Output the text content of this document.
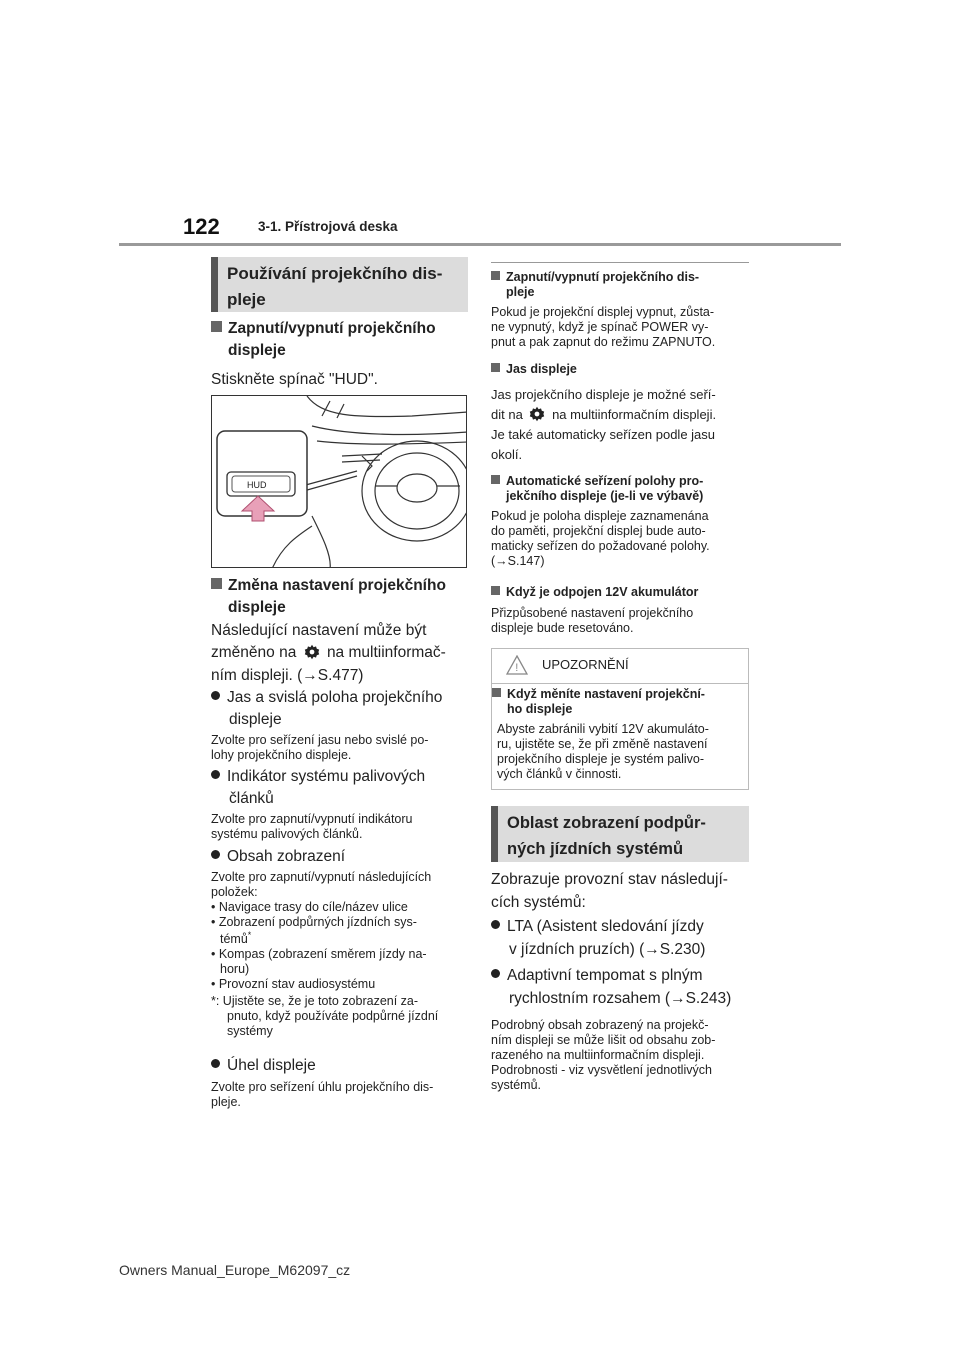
122	3-1. Přístrojová deska
Používání projekčního dis-
pleje
Zapnutí/vypnutí projekčního
displeje
Stiskněte spínač "HUD".
HUD
Změna nastavení projekčního
displeje
Následující nastavení může být
změněno na na multiinformač-
ním displeji. (→S.477)
Jas a svislá poloha projekčního
displeje
Zvolte pro seřízení jasu nebo svislé po-
lohy projekčního displeje.
Indikátor systému palivových
článků
Zvolte pro zapnutí/vypnutí indikátoru
systému palivových článků.
Obsah zobrazení
Zvolte pro zapnutí/vypnutí následujících
položek:
• Navigace trasy do cíle/název ulice
• Zobrazení podpůrných jízdních sys-
témů*
• Kompas (zobrazení směrem jízdy na-
horu)
• Provozní stav audiosystému
*: Ujistěte se, že je toto zobrazení za-
pnuto, když používáte podpůrné jízdní
systémy
Úhel displeje
Zvolte pro seřízení úhlu projekčního dis-
pleje.
Zapnutí/vypnutí projekčního dis-
pleje
Pokud je projekční displej vypnut, zůsta-
ne vypnutý, když je spínač POWER vy-
pnut a pak zapnut do režimu ZAPNUTO.
Jas displeje
Jas projekčního displeje je možné seří-
dit na na multiinformačním displeji.
Je také automaticky seřízen podle jasu
okolí.
Automatické seřízení polohy pro-
jekčního displeje (je-li ve výbavě)
Pokud je poloha displeje zaznamenána
do paměti, projekční displej bude auto-
maticky seřízen do požadované polohy.
(→S.147)
Když je odpojen 12V akumulátor
Přizpůsobené nastavení projekčního
displeje bude resetováno.
! UPOZORNĚNÍ
Když měníte nastavení projekční-
ho displeje
Abyste zabránili vybití 12V akumuláto-
ru, ujistěte se, že při změně nastavení
projekčního displeje je systém palivo-
vých článků v činnosti.
Oblast zobrazení podpůr-
ných jízdních systémů
Zobrazuje provozní stav následují-
cích systémů:
LTA (Asistent sledování jízdy
v jízdních pruzích) (→S.230)
Adaptivní tempomat s plným
rychlostním rozsahem (→S.243)
Podrobný obsah zobrazený na projekč-
ním displeji se může lišit od obsahu zob-
razeného na multiinformačním displeji.
Podrobnosti - viz vysvětlení jednotlivých
systémů.
Owners Manual_Europe_M62097_cz
